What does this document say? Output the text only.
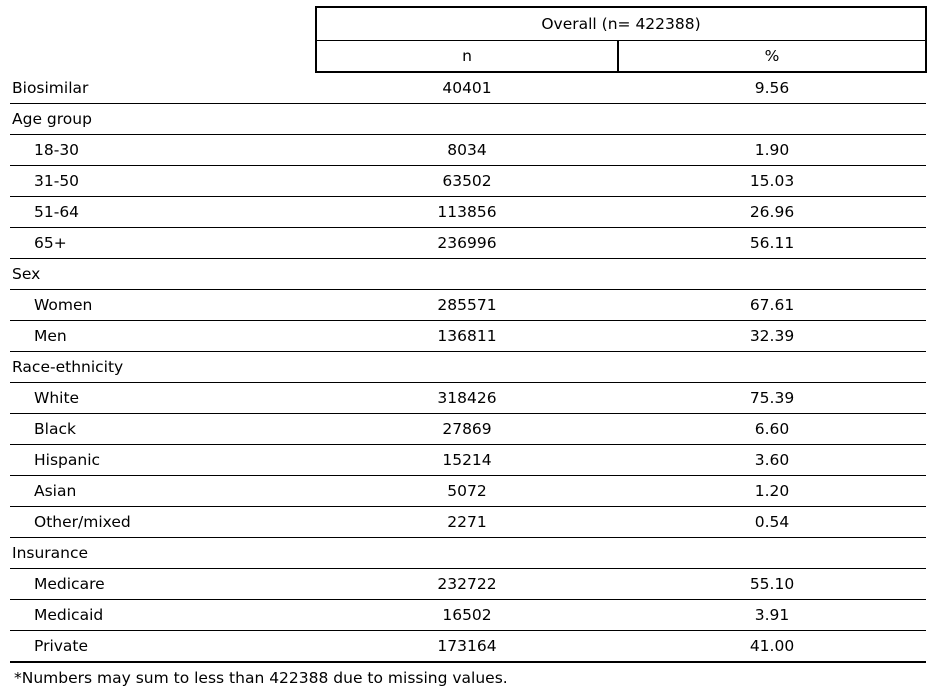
	Overall (n= 422388)	
	n	%
Biosimilar	40401	9.56
Age group		
18-30	8034	1.90
31-50	63502	15.03
51-64	113856	26.96
65+	236996	56.11
Sex		
Women	285571	67.61
Men	136811	32.39
Race-ethnicity		
White	318426	75.39
Black	27869	6.60
Hispanic	15214	3.60
Asian	5072	1.20
Other/mixed	2271	0.54
Insurance		
Medicare	232722	55.10
Medicaid	16502	3.91
Private	173164	41.00
*Numbers may sum to less than 422388 due to missing values.
